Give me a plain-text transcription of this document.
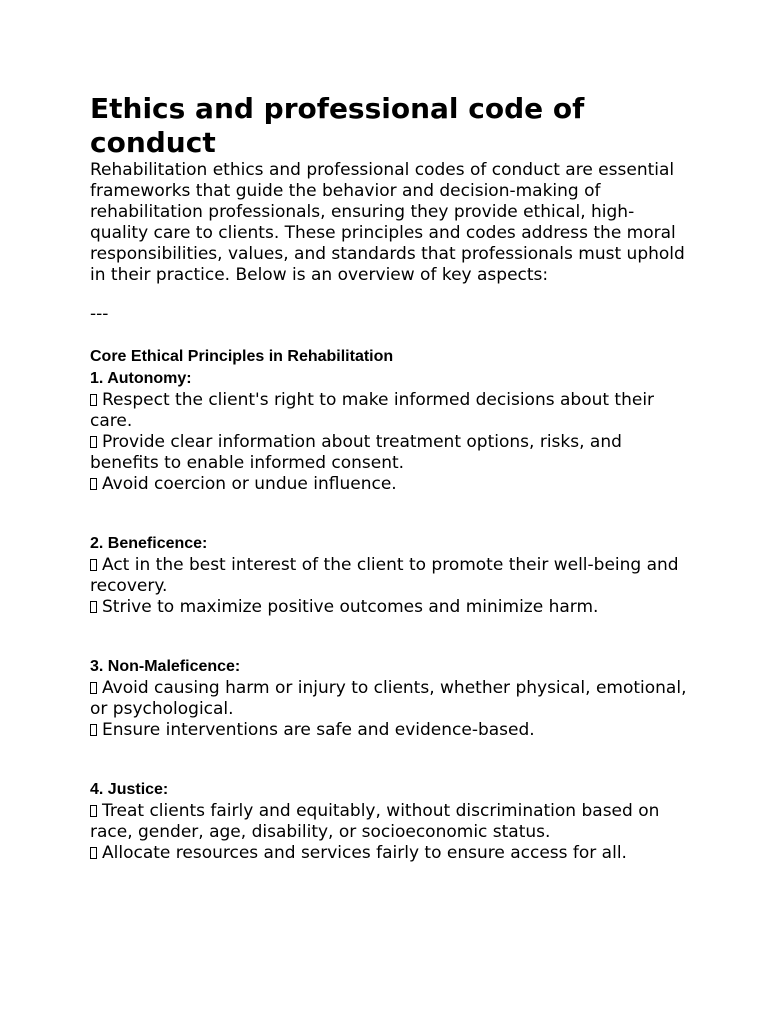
Ethics and professional code of conduct

Rehabilitation ethics and professional codes of conduct are essential frameworks that guide the behavior and decision-making of rehabilitation professionals, ensuring they provide ethical, high-quality care to clients. These principles and codes address the moral responsibilities, values, and standards that professionals must uphold in their practice. Below is an overview of key aspects:

---

Core Ethical Principles in Rehabilitation

1. Autonomy:

Respect the client's right to make informed decisions about their care.

Provide clear information about treatment options, risks, and benefits to enable informed consent.

Avoid coercion or undue influence.

2. Beneficence:

Act in the best interest of the client to promote their well-being and recovery.

Strive to maximize positive outcomes and minimize harm.

3. Non-Maleficence:

Avoid causing harm or injury to clients, whether physical, emotional, or psychological.

Ensure interventions are safe and evidence-based.

4. Justice:

Treat clients fairly and equitably, without discrimination based on race, gender, age, disability, or socioeconomic status.

Allocate resources and services fairly to ensure access for all.
